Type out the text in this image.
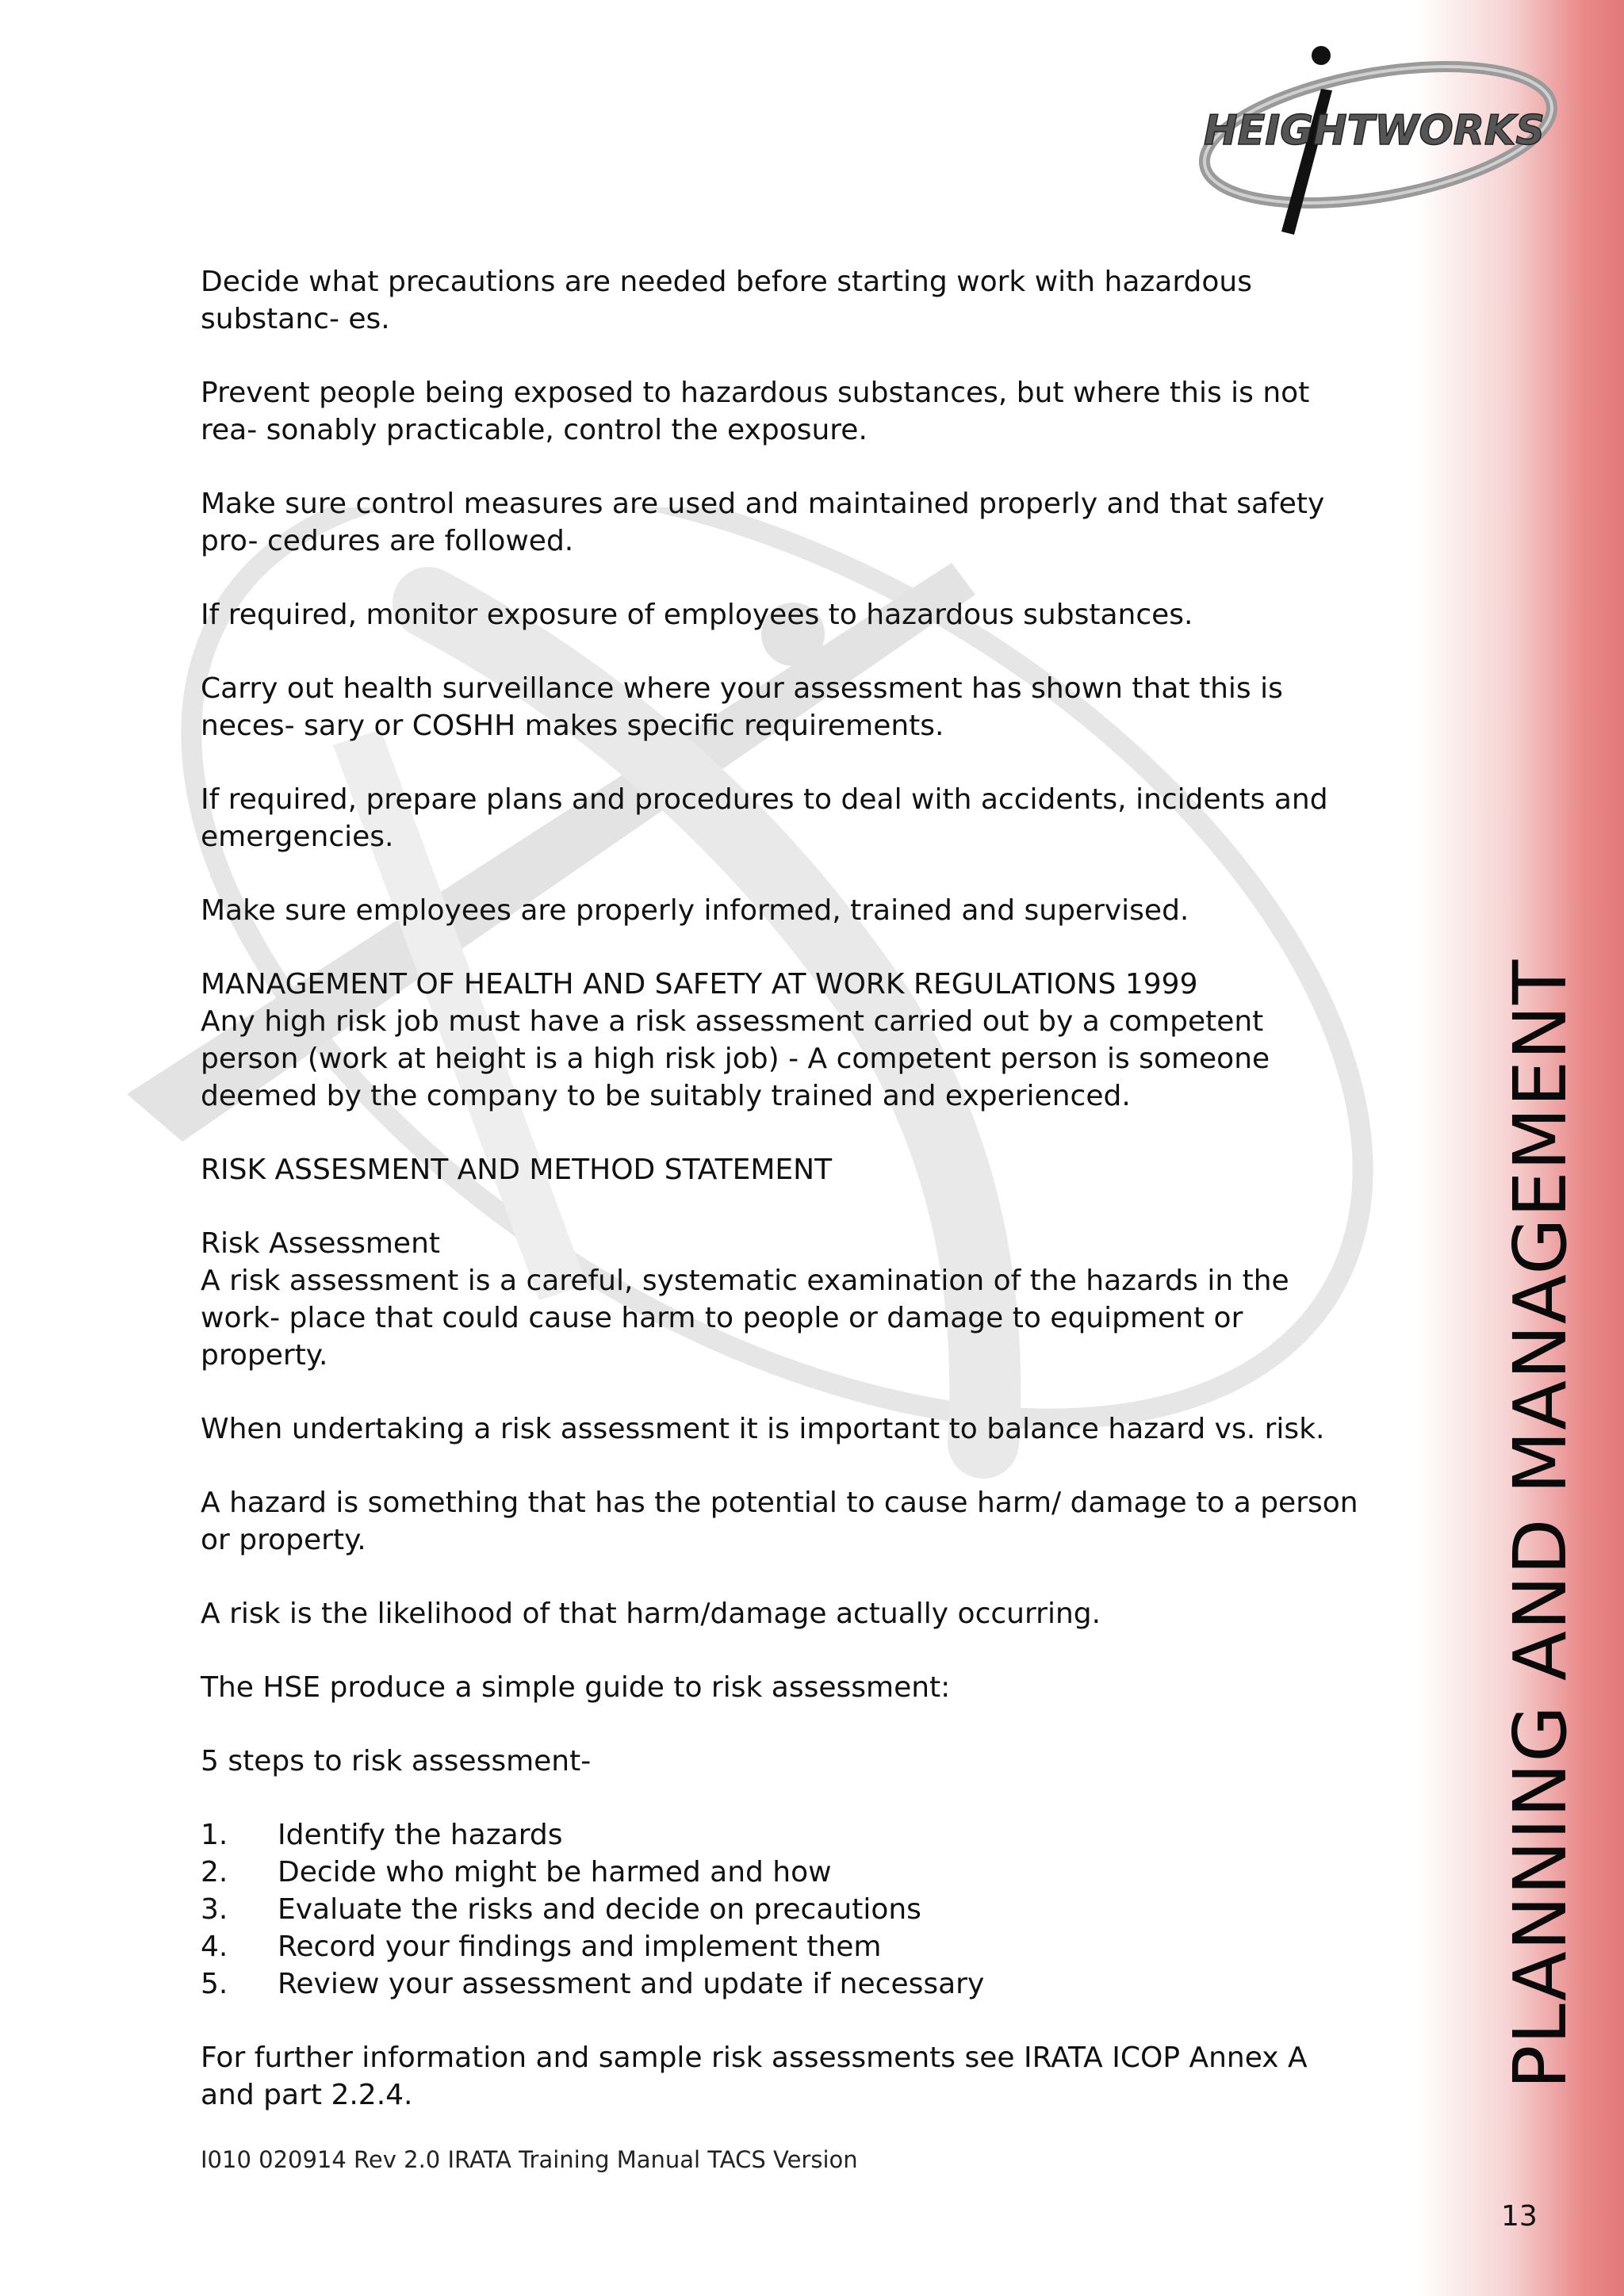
HEIGHTWORKS
PLANNING AND MANAGEMENT
13

Decide what precautions are needed before starting work with hazardous substanc- es.

Prevent people being exposed to hazardous substances, but where this is not rea- sonably practicable, control the exposure.

Make sure control measures are used and maintained properly and that safety pro- cedures are followed.

If required, monitor exposure of employees to hazardous substances.

Carry out health surveillance where your assessment has shown that this is neces- sary or COSHH makes specific requirements.

If required, prepare plans and procedures to deal with accidents, incidents and emergencies.

Make sure employees are properly informed, trained and supervised.

MANAGEMENT OF HEALTH AND SAFETY AT WORK REGULATIONS 1999

Any high risk job must have a risk assessment carried out by a competent person (work at height is a high risk job) - A competent person is someone deemed by the company to be suitably trained and experienced.

RISK ASSESMENT AND METHOD STATEMENT

Risk Assessment

A risk assessment is a careful, systematic examination of the hazards in the work- place that could cause harm to people or damage to equipment or property.

When undertaking a risk assessment it is important to balance hazard vs. risk.

A hazard is something that has the potential to cause harm/ damage to a person or property.

A risk is the likelihood of that harm/damage actually occurring.

The HSE produce a simple guide to risk assessment:

5 steps to risk assessment-

1.	Identify the hazards
2.	Decide who might be harmed and how
3.	Evaluate the risks and decide on precautions
4.	Record your findings and implement them
5.	Review your assessment and update if necessary

For further information and sample risk assessments see IRATA ICOP Annex A and part 2.2.4.

I010 020914 Rev 2.0 IRATA Training Manual TACS Version
